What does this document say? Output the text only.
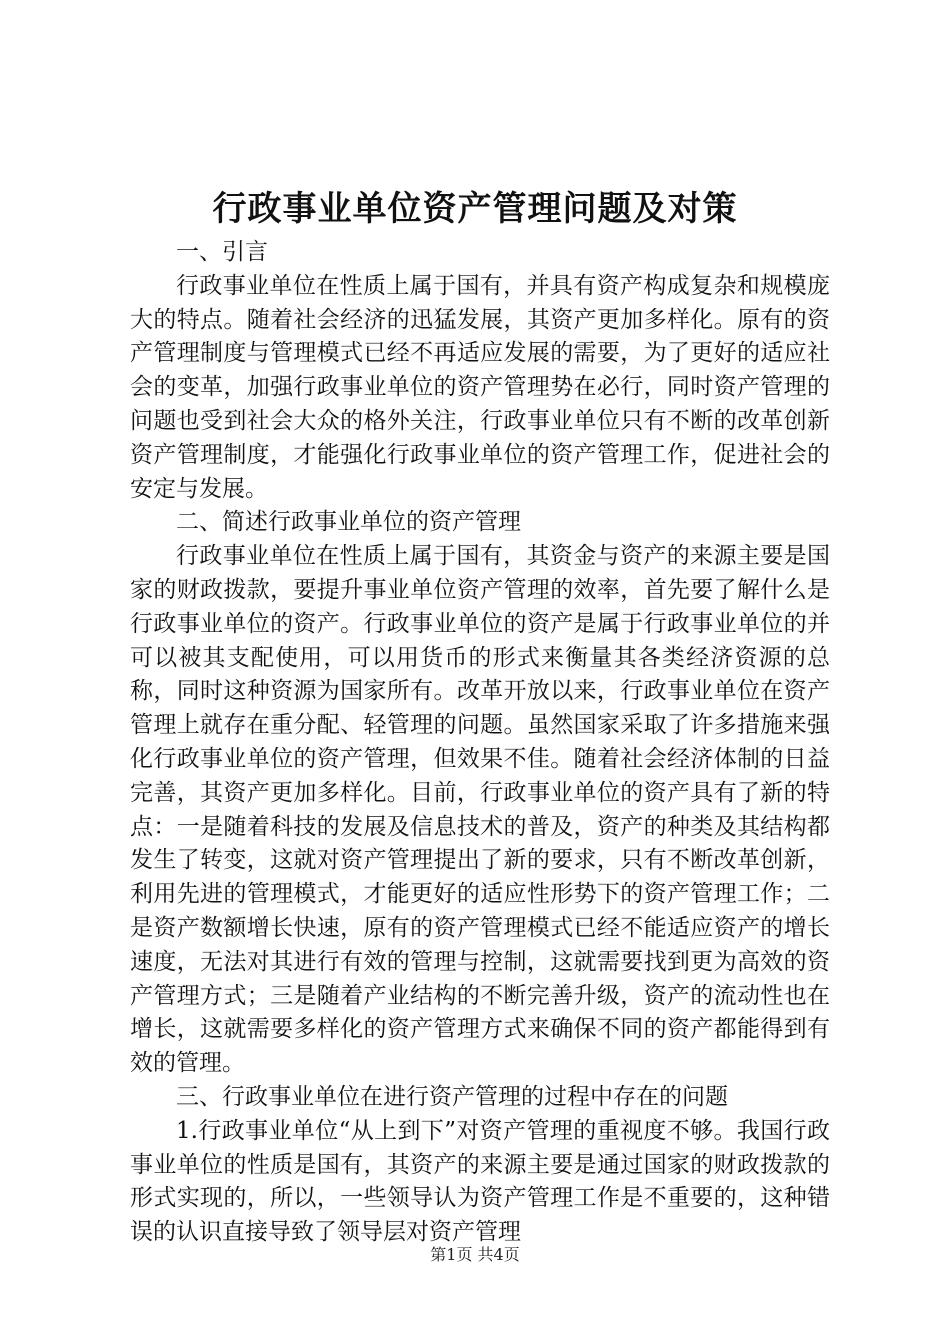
行政事业单位资产管理问题及对策

一、引言

行政事业单位在性质上属于国有，并具有资产构成复杂和规模庞大的特点。随着社会经济的迅猛发展，其资产更加多样化。原有的资产管理制度与管理模式已经不再适应发展的需要，为了更好的适应社会的变革，加强行政事业单位的资产管理势在必行，同时资产管理的问题也受到社会大众的格外关注，行政事业单位只有不断的改革创新资产管理制度，才能强化行政事业单位的资产管理工作，促进社会的安定与发展。

二、简述行政事业单位的资产管理

行政事业单位在性质上属于国有，其资金与资产的来源主要是国家的财政拨款，要提升事业单位资产管理的效率，首先要了解什么是行政事业单位的资产。行政事业单位的资产是属于行政事业单位的并可以被其支配使用，可以用货币的形式来衡量其各类经济资源的总称，同时这种资源为国家所有。改革开放以来，行政事业单位在资产管理上就存在重分配、轻管理的问题。虽然国家采取了许多措施来强化行政事业单位的资产管理，但效果不佳。随着社会经济体制的日益完善，其资产更加多样化。目前，行政事业单位的资产具有了新的特点：一是随着科技的发展及信息技术的普及，资产的种类及其结构都发生了转变，这就对资产管理提出了新的要求，只有不断改革创新，利用先进的管理模式，才能更好的适应性形势下的资产管理工作；二是资产数额增长快速，原有的资产管理模式已经不能适应资产的增长速度，无法对其进行有效的管理与控制，这就需要找到更为高效的资产管理方式；三是随着产业结构的不断完善升级，资产的流动性也在增长，这就需要多样化的资产管理方式来确保不同的资产都能得到有效的管理。

三、行政事业单位在进行资产管理的过程中存在的问题

1.行政事业单位“从上到下”对资产管理的重视度不够。我国行政事业单位的性质是国有，其资产的来源主要是通过国家的财政拨款的形式实现的，所以，一些领导认为资产管理工作是不重要的，这种错误的认识直接导致了领导层对资产管理

第1页 共4页
